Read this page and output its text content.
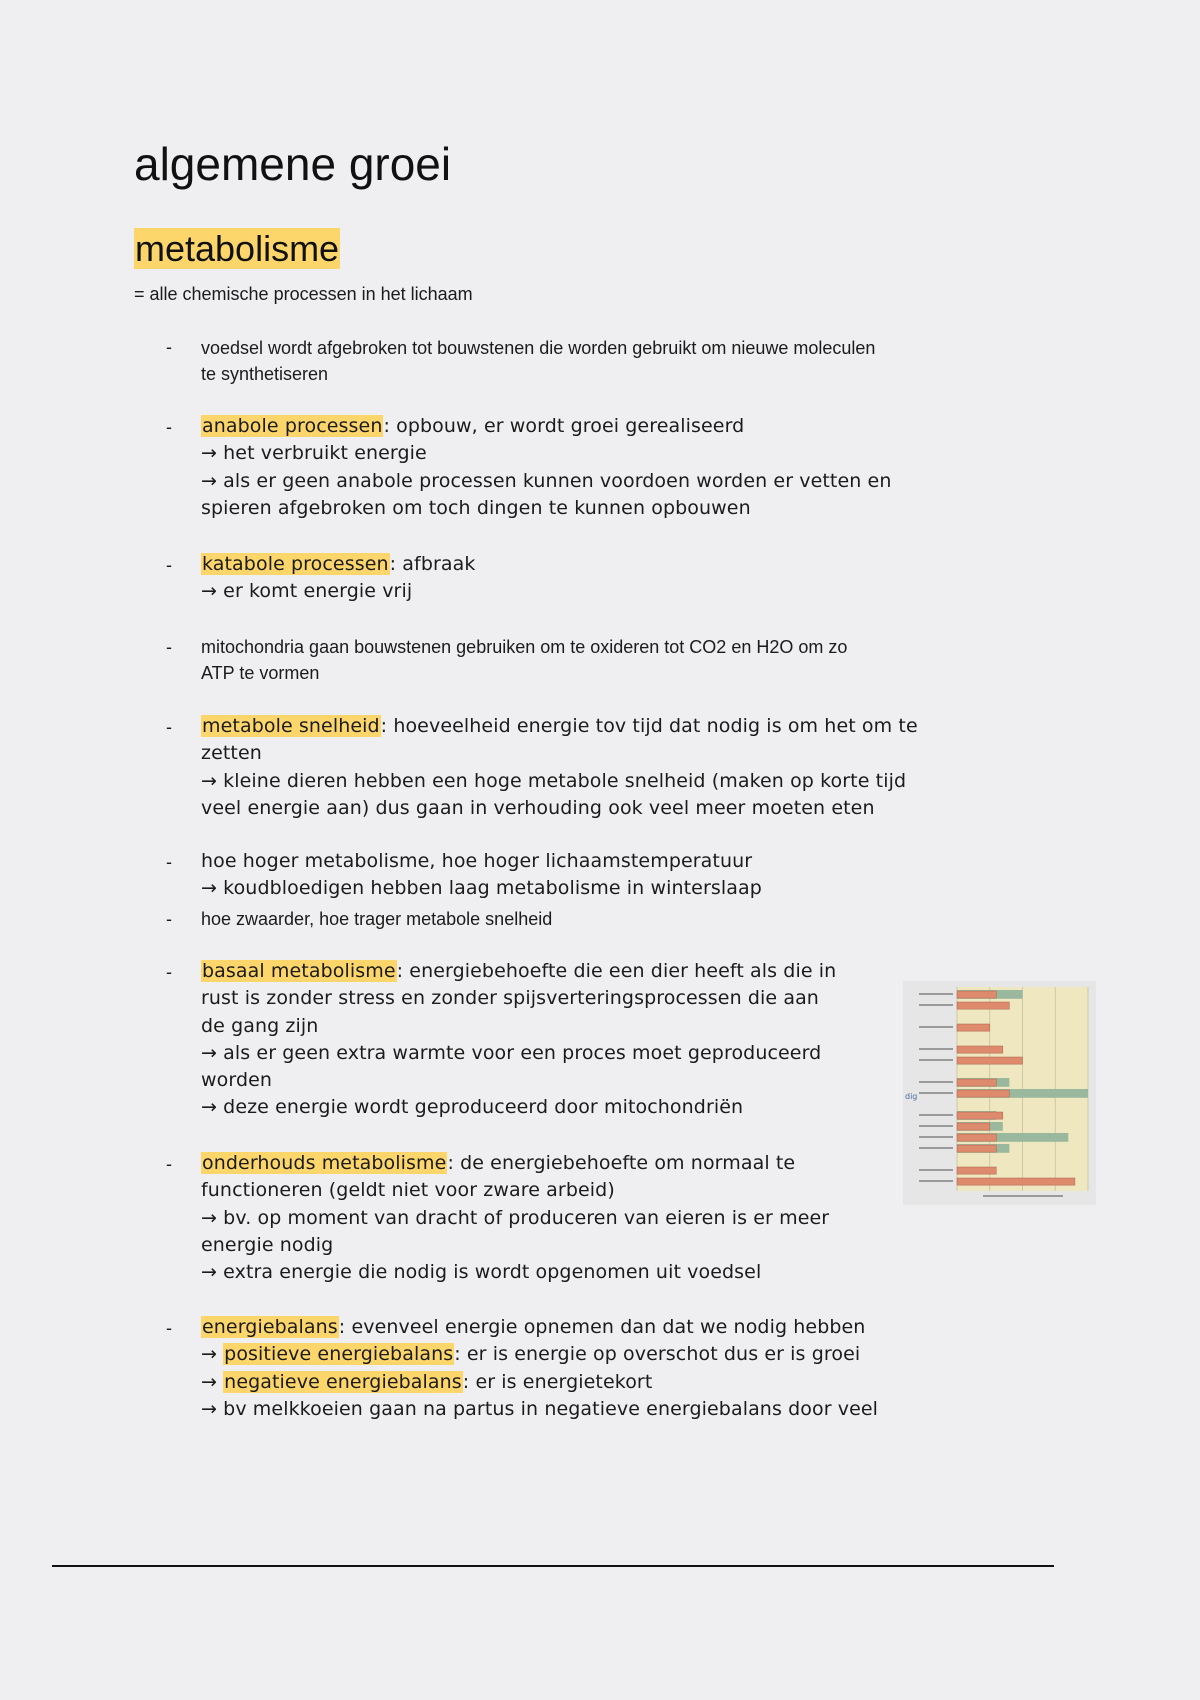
algemene groei
metabolisme
= alle chemische processen in het lichaam
- voedsel wordt afgebroken tot bouwstenen die worden gebruikt om nieuwe moleculen
te synthetiseren
- anabole processen: opbouw, er wordt groei gerealiseerd
→ het verbruikt energie
→ als er geen anabole processen kunnen voordoen worden er vetten en
spieren afgebroken om toch dingen te kunnen opbouwen
- katabole processen: afbraak
→ er komt energie vrij
- mitochondria gaan bouwstenen gebruiken om te oxideren tot CO2 en H2O om zo
ATP te vormen
- metabole snelheid: hoeveelheid energie tov tijd dat nodig is om het om te
zetten
→ kleine dieren hebben een hoge metabole snelheid (maken op korte tijd
veel energie aan) dus gaan in verhouding ook veel meer moeten eten
- hoe hoger metabolisme, hoe hoger lichaamstemperatuur
→ koudbloedigen hebben laag metabolisme in winterslaap
- hoe zwaarder, hoe trager metabole snelheid
- basaal metabolisme: energiebehoefte die een dier heeft als die in
rust is zonder stress en zonder spijsverteringsprocessen die aan
de gang zijn
→ als er geen extra warmte voor een proces moet geproduceerd
worden
→ deze energie wordt geproduceerd door mitochondriën
- onderhouds metabolisme: de energiebehoefte om normaal te
functioneren (geldt niet voor zware arbeid)
→ bv. op moment van dracht of produceren van eieren is er meer
energie nodig
→ extra energie die nodig is wordt opgenomen uit voedsel
- energiebalans: evenveel energie opnemen dan dat we nodig hebben
→ positieve energiebalans: er is energie op overschot dus er is groei
→ negatieve energiebalans: er is energietekort
→ bv melkkoeien gaan na partus in negatieve energiebalans door veel
dig
